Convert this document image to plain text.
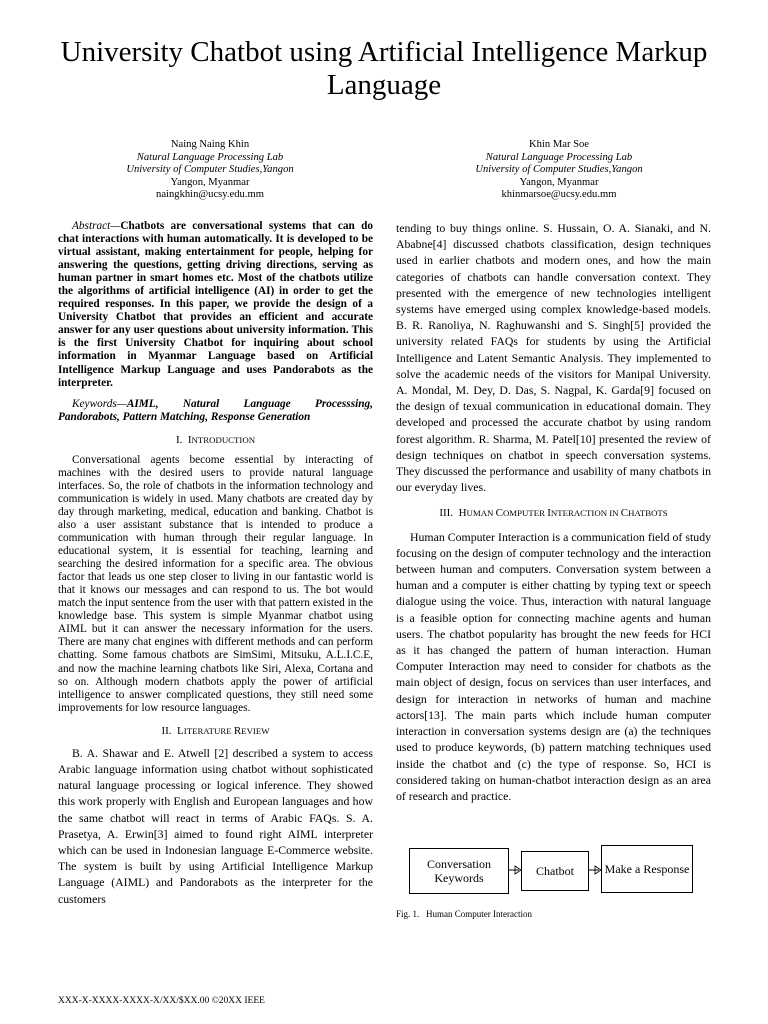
University Chatbot using Artificial Intelligence Markup Language
Naing Naing Khin
Natural Language Processing Lab
University of Computer Studies,Yangon
Yangon, Myanmar
naingkhin@ucsy.edu.mm
Khin Mar Soe
Natural Language Processing Lab
University of Computer Studies,Yangon
Yangon, Myanmar
khinmarsoe@ucsy.edu.mm

Abstract—Chatbots are conversational systems that can do chat interactions with human automatically. It is developed to be virtual assistant, making entertainment for people, helping for answering the questions, getting driving directions, serving as human partner in smart homes etc. Most of the chatbots utilize the algorithms of artificial intelligence (AI) in order to get the required responses. In this paper, we provide the design of a University Chatbot that provides an efficient and accurate answer for any user questions about university information. This is the first University Chatbot for inquiring about school information in Myanmar Language based on Artificial Intelligence Markup Language and uses Pandorabots as the interpreter.

Keywords—AIML, Natural Language Processsing, Pandorabots, Pattern Matching, Response Generation

I. INTRODUCTION

Conversational agents become essential by interacting of machines with the desired users to provide natural language interfaces. So, the role of chatbots in the information technology and communication is widely in used. Many chatbots are created day by day through marketing, medical, education and banking. Chatbot is also a user assistant substance that is intended to produce a communication with human through their regular language. In educational system, it is essential for teaching, learning and searching the desired information for a specific area. The obvious factor that leads us one step closer to living in our fantastic world is that it knows our messages and can respond to us. The bot would match the input sentence from the user with that pattern existed in the knowledge base. This system is simple Myanmar chatbot using AIML but it can answer the necessary information for the users. There are many chat engines with different methods and can perform chatting. Some famous chatbots are SimSimi, Mitsuku, A.L.I.C.E, and now the machine learning chatbots like Siri, Alexa, Cortana and so on. Although modern chatbots apply the power of artificial intelligence to answer complicated questions, they still need some improvements for low resource languages.

II. LITERATURE REVIEW

B. A. Shawar and E. Atwell [2] described a system to access Arabic language information using chatbot without sophisticated natural language processing or logical inference. They showed this work properly with English and European languages and how the same chatbot will react in terms of Arabic FAQs. S. A. Prasetya, A. Erwin[3] aimed to found right AIML interpreter which can be used in Indonesian language E-Commerce website. The system is built by using Artificial Intelligence Markup Language (AIML) and Pandorabots as the interpreter for the customers

tending to buy things online. S. Hussain, O. A. Sianaki, and N. Ababne[4] discussed chatbots classification, design techniques used in earlier chatbots and modern ones, and how the main categories of chatbots can handle conversation context. They presented with the emergence of new technologies intelligent systems have emerged using complex knowledge-based models. B. R. Ranoliya, N. Raghuwanshi and S. Singh[5] provided the university related FAQs for students by using the Artificial Intelligence and Latent Semantic Analysis. They implemented to solve the academic needs of the visitors for Manipal University. A. Mondal, M. Dey, D. Das, S. Nagpal, K. Garda[9] focused on the design of texual communication in educational domain. They developed and processed the accurate chatbot by using random forest algorithm. R. Sharma, M. Patel[10] presented the review of design techniques on chatbot in speech conversation systems. They discussed the performance and usability of many chatbots in our everyday lives.

III. HUMAN COMPUTER INTERACTION IN CHATBOTS

Human Computer Interaction is a communication field of study focusing on the design of computer technology and the interaction between human and computers. Conversation system between a human and a computer is either chatting by typing text or speech dialogue using the voice. Thus, interaction with natural language is a feasible option for connecting machine agents and human users. The chatbot popularity has brought the new feeds for HCI as it has changed the pattern of human interaction. Human Computer Interaction may need to consider for chatbots as the main object of design, focus on services than user interfaces, and design for interaction in networks of human and machine actors[13]. The main parts which include human computer interaction in conversation systems design are (a) the techniques used to produce keywords, (b) pattern matching techniques used inside the chatbot and (c) the type of response. So, HCI is considered taking on human-chatbot interaction design as an area of research and practice.

Conversation Keywords	Chatbot	Make a Response
Fig. 1. Human Computer Interaction
XXX-X-XXXX-XXXX-X/XX/$XX.00 ©20XX IEEE
